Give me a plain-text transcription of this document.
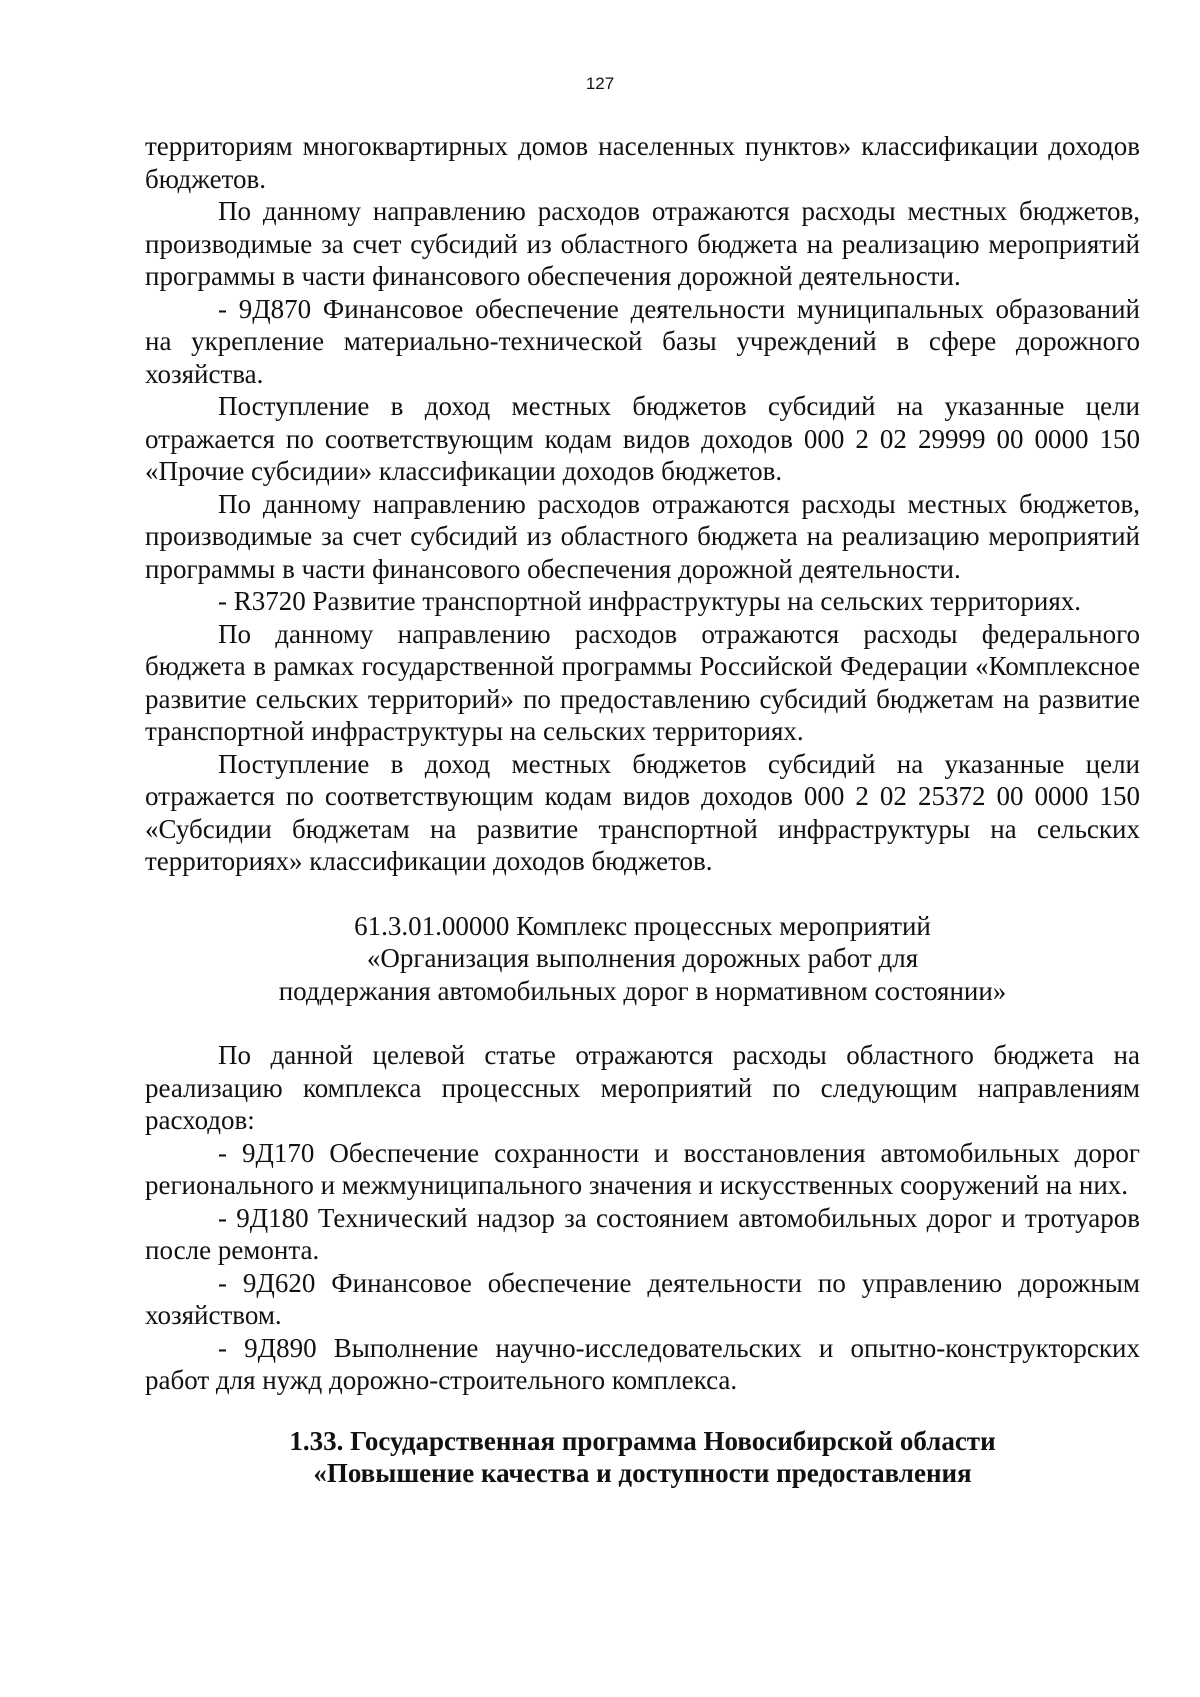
127

территориям многоквартирных домов населенных пунктов» классификации доходов бюджетов.

По данному направлению расходов отражаются расходы местных бюджетов, производимые за счет субсидий из областного бюджета на реализацию мероприятий программы в части финансового обеспечения дорожной деятельности.

- 9Д870 Финансовое обеспечение деятельности муниципальных образований на укрепление материально-технической базы учреждений в сфере дорожного хозяйства.

Поступление в доход местных бюджетов субсидий на указанные цели отражается по соответствующим кодам видов доходов 000 2 02 29999 00 0000 150 «Прочие субсидии» классификации доходов бюджетов.

По данному направлению расходов отражаются расходы местных бюджетов, производимые за счет субсидий из областного бюджета на реализацию мероприятий программы в части финансового обеспечения дорожной деятельности.

- R3720 Развитие транспортной инфраструктуры на сельских территориях.

По данному направлению расходов отражаются расходы федерального бюджета в рамках государственной программы Российской Федерации «Комплексное развитие сельских территорий» по предоставлению субсидий бюджетам на развитие транспортной инфраструктуры на сельских территориях.

Поступление в доход местных бюджетов субсидий на указанные цели отражается по соответствующим кодам видов доходов 000 2 02 25372 00 0000 150 «Субсидии бюджетам на развитие транспортной инфраструктуры на сельских территориях» классификации доходов бюджетов.

61.3.01.00000 Комплекс процессных мероприятий

«Организация выполнения дорожных работ для

поддержания автомобильных дорог в нормативном состоянии»

По данной целевой статье отражаются расходы областного бюджета на реализацию комплекса процессных мероприятий по следующим направлениям расходов:

- 9Д170 Обеспечение сохранности и восстановления автомобильных дорог регионального и межмуниципального значения и искусственных сооружений на них.

- 9Д180 Технический надзор за состоянием автомобильных дорог и тротуаров после ремонта.

- 9Д620 Финансовое обеспечение деятельности по управлению дорожным хозяйством.

- 9Д890 Выполнение научно-исследовательских и опытно-конструкторских работ для нужд дорожно-строительного комплекса.

1.33. Государственная программа Новосибирской области

«Повышение качества и доступности предоставления
